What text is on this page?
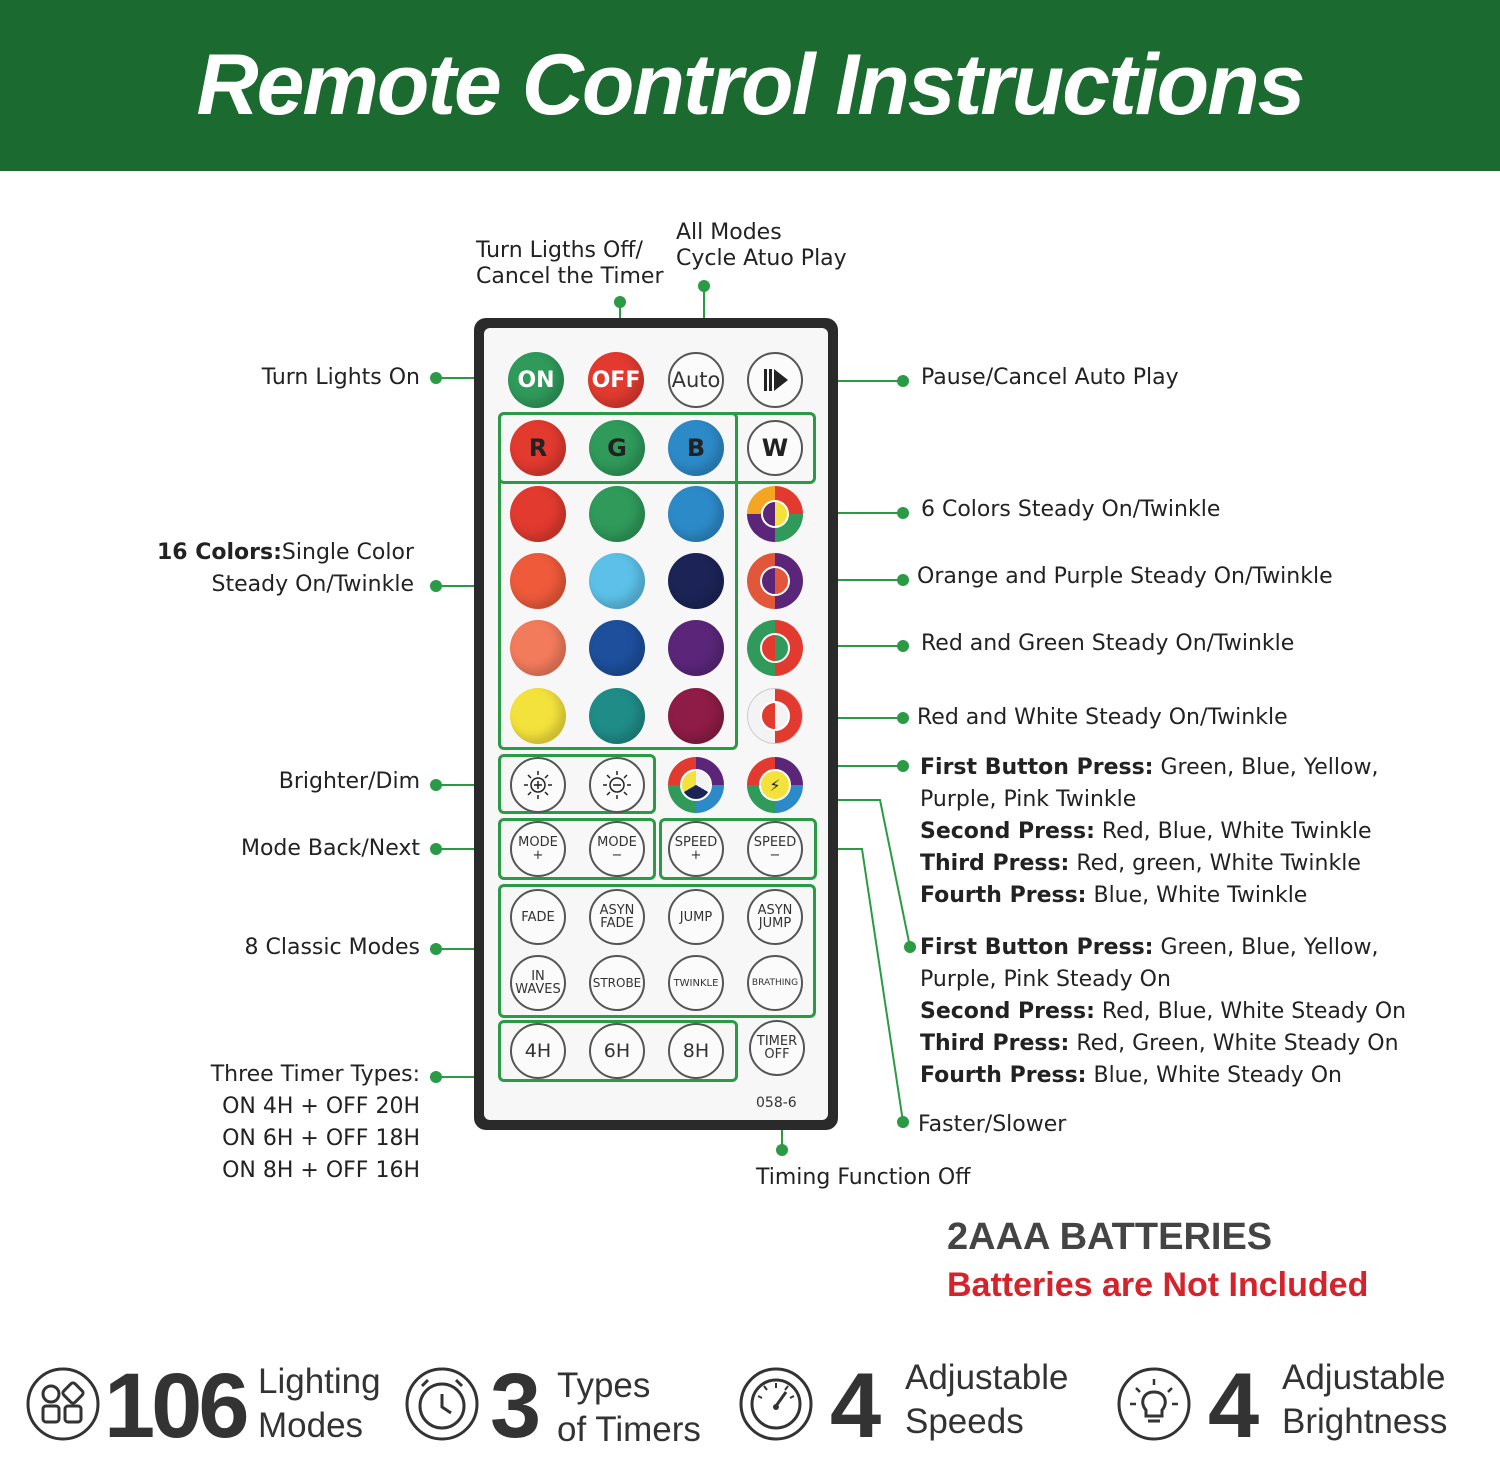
Remote Control Instructions
ON OFF Auto
R G	B W
⚡
MODE
+
MODE
−
SPEED
+
SPEED
−
FADE	ASYN
FADE	JUMP	ASYN
JUMP
IN
WAVES	STROBE	TWINKLE	BRATHING
4H	6H	8H	TIMER
OFF
058-6
Turn Lights On
Turn Ligths Off/
Cancel the Timer
All Modes
Cycle Atuo Play
16 Colors:Single Color
Steady On/Twinkle
Brighter/Dim
Mode Back/Next
8 Classic Modes
Three Timer Types:
ON 4H + OFF 20H
ON 6H + OFF 18H
ON 8H + OFF 16H	Timing Function Off
Pause/Cancel Auto Play
6 Colors Steady On/Twinkle
Orange and Purple Steady On/Twinkle
Red and Green Steady On/Twinkle
Red and White Steady On/Twinkle
First Button Press: Green, Blue, Yellow,
Purple, Pink Twinkle
Second Press: Red, Blue, White Twinkle
Third Press: Red, green, White Twinkle
Fourth Press: Blue, White Twinkle
First Button Press: Green, Blue, Yellow,
Purple, Pink Steady On
Second Press: Red, Blue, White Steady On
Third Press: Red, Green, White Steady On
Fourth Press: Blue, White Steady On
Faster/Slower
2AAA BATTERIES
Batteries are Not Included
106 Lighting
Modes 3 Types
of Timers 4 Adjustable
Speeds	4 Adjustable
Brightness
